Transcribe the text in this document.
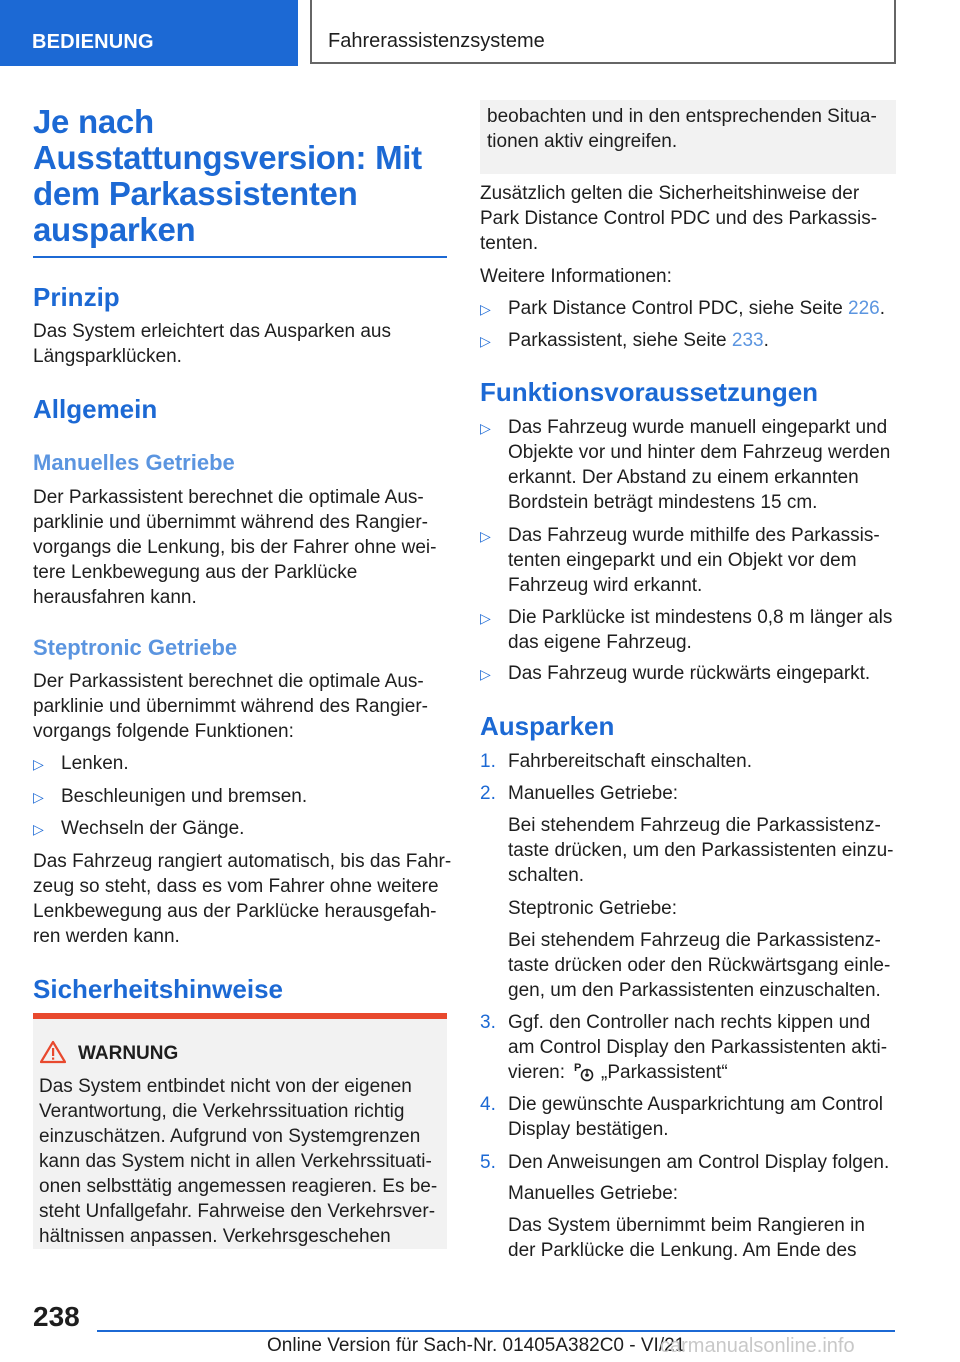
BEDIENUNG	Fahrerassistenzsysteme
Je nach
Ausstattungsversion: Mit
dem Parkassistenten
ausparken
Prinzip
Das System erleichtert das Ausparken aus
Längsparklücken.
Allgemein
Manuelles Getriebe
Der Parkassistent berechnet die optimale Aus-
parklinie und übernimmt während des Rangier-
vorgangs die Lenkung, bis der Fahrer ohne wei-
tere Lenkbewegung aus der Parklücke
herausfahren kann.
Steptronic Getriebe
Der Parkassistent berechnet die optimale Aus-
parklinie und übernimmt während des Rangier-
vorgangs folgende Funktionen:
▷ Lenken.
▷ Beschleunigen und bremsen.
▷ Wechseln der Gänge.
Das Fahrzeug rangiert automatisch, bis das Fahr-
zeug so steht, dass es vom Fahrer ohne weitere
Lenkbewegung aus der Parklücke herausgefah-
ren werden kann.
Sicherheitshinweise
WARNUNG
Das System entbindet nicht von der eigenen
Verantwortung, die Verkehrssituation richtig
einzuschätzen. Aufgrund von Systemgrenzen
kann das System nicht in allen Verkehrssituati-
onen selbsttätig angemessen reagieren. Es be-
steht Unfallgefahr. Fahrweise den Verkehrsver-
hältnissen anpassen. Verkehrsgeschehen
beobachten und in den entsprechenden Situa-
tionen aktiv eingreifen.
Zusätzlich gelten die Sicherheitshinweise der
Park Distance Control PDC und des Parkassis-
tenten.
Weitere Informationen:
▷ Park Distance Control PDC, siehe Seite 226.
▷ Parkassistent, siehe Seite 233.
Funktionsvoraussetzungen
▷ Das Fahrzeug wurde manuell eingeparkt und
Objekte vor und hinter dem Fahrzeug werden
erkannt. Der Abstand zu einem erkannten
Bordstein beträgt mindestens 15 cm.
▷ Das Fahrzeug wurde mithilfe des Parkassis-
tenten eingeparkt und ein Objekt vor dem
Fahrzeug wird erkannt.
▷ Die Parklücke ist mindestens 0,8 m länger als
das eigene Fahrzeug.
▷ Das Fahrzeug wurde rückwärts eingeparkt.
Ausparken
1. Fahrbereitschaft einschalten.
2. Manuelles Getriebe:
Bei stehendem Fahrzeug die Parkassistenz-
taste drücken, um den Parkassistenten einzu-
schalten.
Steptronic Getriebe:
Bei stehendem Fahrzeug die Parkassistenz-
taste drücken oder den Rückwärtsgang einle-
gen, um den Parkassistenten einzuschalten.
3. Ggf. den Controller nach rechts kippen und
am Control Display den Parkassistenten akti-
vieren: P „Parkassistent“
4. Die gewünschte Ausparkrichtung am Control
Display bestätigen.
5. Den Anweisungen am Control Display folgen.
Manuelles Getriebe:
Das System übernimmt beim Rangieren in
der Parklücke die Lenkung. Am Ende des
238
Online Version für Sach-Nr. 01405A382C0 - VI/21
carmanualsonline.info
